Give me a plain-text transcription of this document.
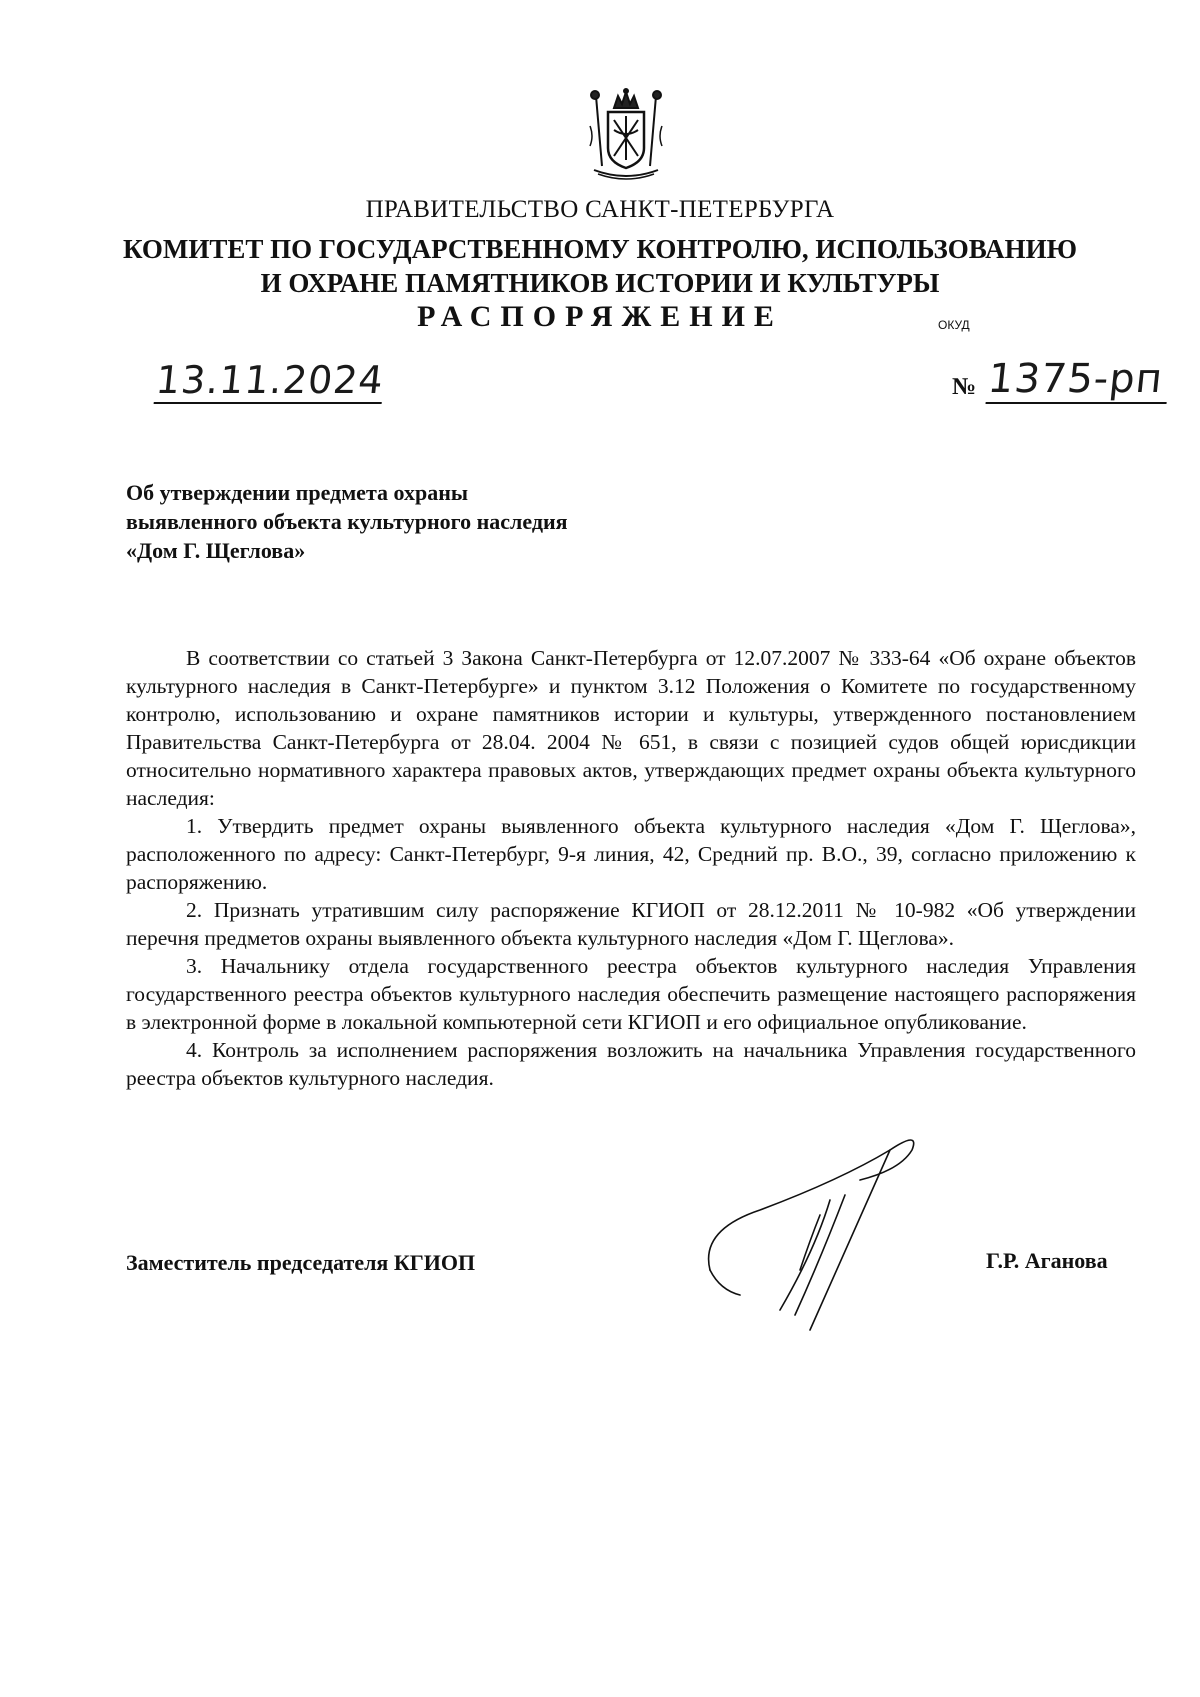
ПРАВИТЕЛЬСТВО САНКТ-ПЕТЕРБУРГА
КОМИТЕТ ПО ГОСУДАРСТВЕННОМУ КОНТРОЛЮ, ИСПОЛЬЗОВАНИЮ
И ОХРАНЕ ПАМЯТНИКОВ ИСТОРИИ И КУЛЬТУРЫ
РАСПОРЯЖЕНИЕ	ОКУД
13.11.2024	№ 1375-рп
Об утверждении предмета охраны
выявленного объекта культурного наследия
«Дом Г. Щеглова»

В соответствии со статьей 3 Закона Санкт-Петербурга от 12.07.2007 № 333-64 «Об охране объектов культурного наследия в Санкт-Петербурге» и пунктом 3.12 Положения о Комитете по государственному контролю, использованию и охране памятников истории и культуры, утвержденного постановлением Правительства Санкт-Петербурга от 28.04. 2004 № 651, в связи с позицией судов общей юрисдикции относительно нормативного характера правовых актов, утверждающих предмет охраны объекта культурного наследия:

1. Утвердить предмет охраны выявленного объекта культурного наследия «Дом Г. Щеглова», расположенного по адресу: Санкт-Петербург, 9-я линия, 42, Средний пр. В.О., 39, согласно приложению к распоряжению.

2. Признать утратившим силу распоряжение КГИОП от 28.12.2011 № 10-982 «Об утверждении перечня предметов охраны выявленного объекта культурного наследия «Дом Г. Щеглова».

3. Начальнику отдела государственного реестра объектов культурного наследия Управления государственного реестра объектов культурного наследия обеспечить размещение настоящего распоряжения в электронной форме в локальной компьютерной сети КГИОП и его официальное опубликование.

4. Контроль за исполнением распоряжения возложить на начальника Управления государственного реестра объектов культурного наследия.

Заместитель председателя КГИОП	Г.Р. Аганова
